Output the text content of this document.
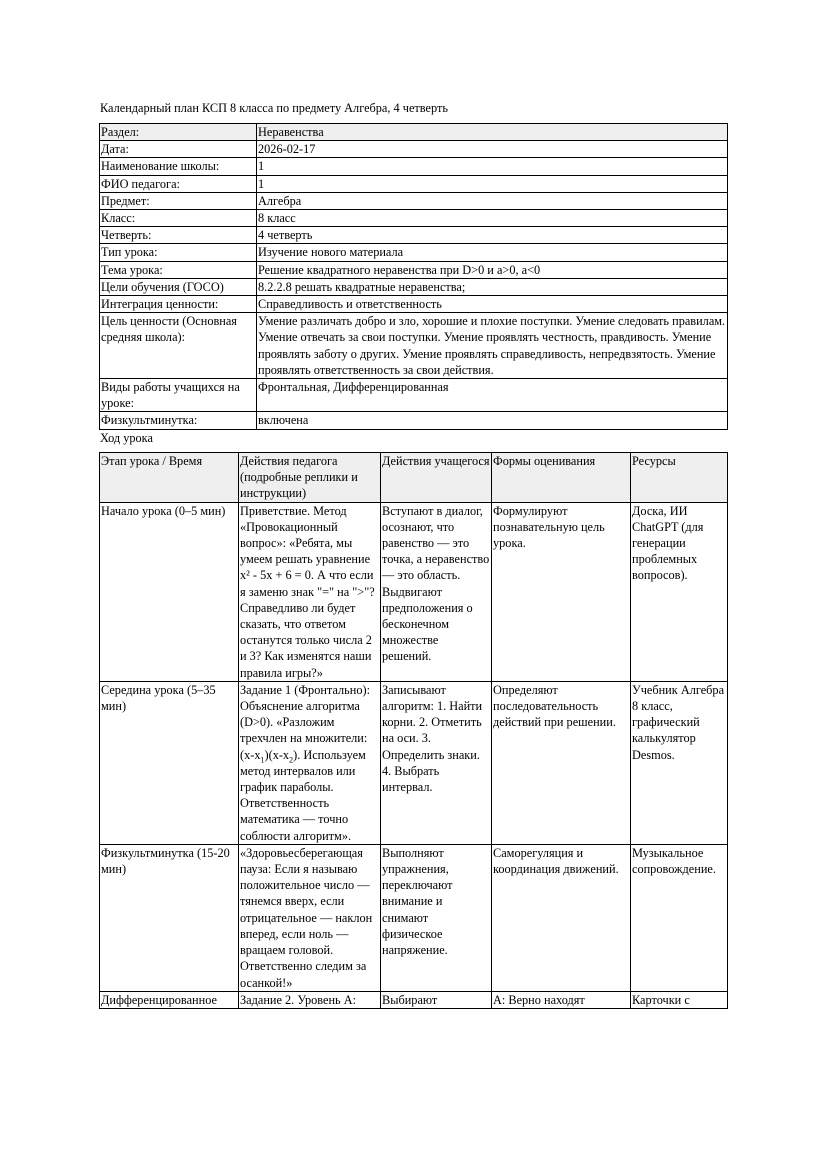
Календарный план КСП 8 класса по предмету Алгебра, 4 четверть
Раздел:	Неравенства
Дата:	2026-02-17
Наименование школы:	1
ФИО педагога:	1
Предмет:	Алгебра
Класс:	8 класс
Четверть:	4 четверть
Тип урока:	Изучение нового материала
Тема урока:	Решение квадратного неравенства при D>0 и a>0, a<0
Цели обучения (ГОСО)	8.2.2.8 решать квадратные неравенства;
Интеграция ценности:	Справедливость и ответственность
Цель ценности (Основная средняя школа):	Умение различать добро и зло, хорошие и плохие поступки. Умение следовать правилам. Умение отвечать за свои поступки. Умение проявлять честность, правдивость. Умение проявлять заботу о других. Умение проявлять справедливость, непредвзятость. Умение проявлять ответственность за свои действия.
Виды работы учащихся на уроке:	Фронтальная, Дифференцированная
Физкультминутка:	включена
Ход урока
Этап урока / Время	Действия педагога (подробные реплики и инструкции)	Действия учащегося	Формы оценивания	Ресурсы
Начало урока (0–5 мин)	Приветствие. Метод «Провокационный вопрос»: «Ребята, мы умеем решать уравнение x² - 5x + 6 = 0. А что если я заменю знак "=" на ">"? Справедливо ли будет сказать, что ответом останутся только числа 2 и 3? Как изменятся наши правила игры?»	Вступают в диалог, осознают, что равенство — это точка, а неравенство — это область. Выдвигают предположения о бесконечном множестве решений.	Формулируют познавательную цель урока.	Доска, ИИ ChatGPT (для генерации проблемных вопросов).
Середина урока (5–35 мин)	Задание 1 (Фронтально): Объяснение алгоритма (D>0). «Разложим трехчлен на множители: $(x-x_1)(x-x_2)$. Используем метод интервалов или график параболы. Ответственность математика — точно соблюсти алгоритм».	Записывают алгоритм: 1. Найти корни. 2. Отметить на оси. 3. Определить знаки. 4. Выбрать интервал.	Определяют последовательность действий при решении.	Учебник Алгебра 8 класс, графический калькулятор Desmos.
Физкультминутка (15-20 мин)	«Здоровьесберегающая пауза: Если я называю положительное число — тянемся вверх, если отрицательное — наклон вперед, если ноль — вращаем головой. Ответственно следим за осанкой!»	Выполняют упражнения, переключают внимание и снимают физическое напряжение.	Саморегуляция и координация движений.	Музыкальное сопровождение.
Дифференцированное	Задание 2. Уровень А:	Выбирают	А: Верно находят	Карточки с
